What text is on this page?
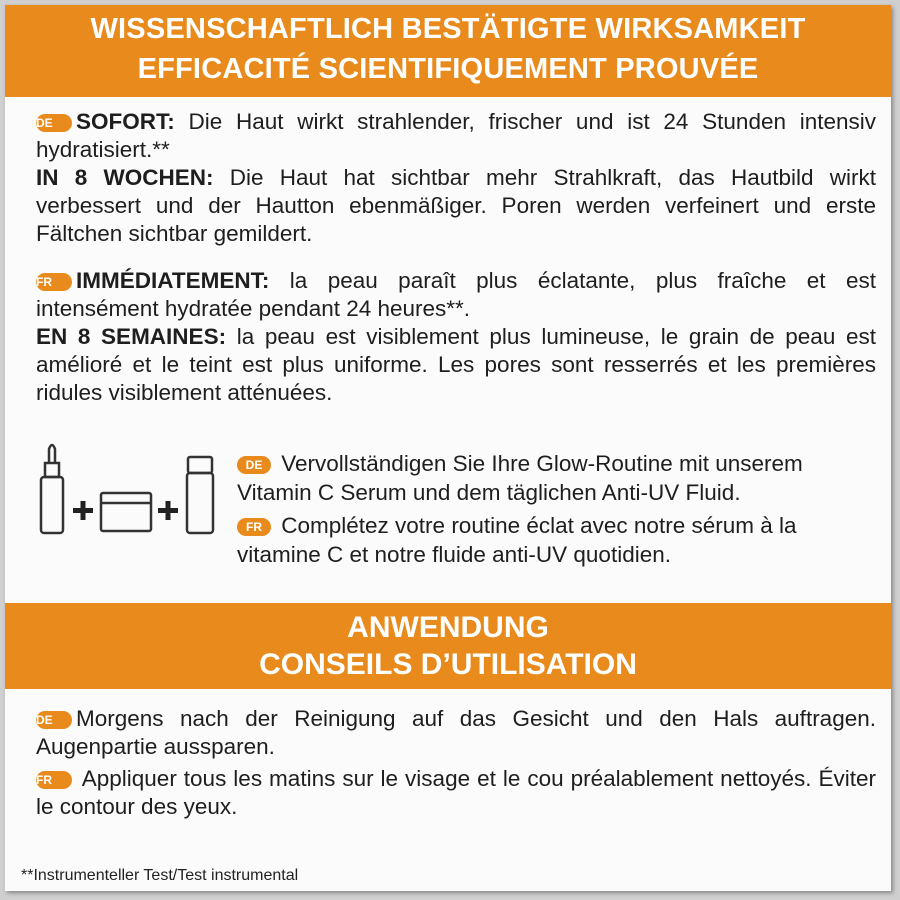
WISSENSCHAFTLICH BESTÄTIGTE WIRKSAMKEIT
EFFICACITÉ SCIENTIFIQUEMENT PROUVÉE
DE SOFORT: Die Haut wirkt strahlender, frischer und ist 24 Stunden intensiv hydratisiert.**
IN 8 WOCHEN: Die Haut hat sichtbar mehr Strahlkraft, das Hautbild wirkt verbessert und der Hautton ebenmäßiger. Poren werden verfeinert und erste Fältchen sichtbar gemildert.
FR IMMÉDIATEMENT: la peau paraît plus éclatante, plus fraîche et est intensément hydratée pendant 24 heures**.
EN 8 SEMAINES: la peau est visiblement plus lumineuse, le grain de peau est amélioré et le teint est plus uniforme. Les pores sont resserrés et les premières ridules visiblement atténuées.
DE Vervollständigen Sie Ihre Glow-Routine mit unserem Vitamin C Serum und dem täglichen Anti-UV Fluid.
FR Complétez votre routine éclat avec notre sérum à la vitamine C et notre fluide anti-UV quotidien.
ANWENDUNG
CONSEILS D’UTILISATION
DE Morgens nach der Reinigung auf das Gesicht und den Hals auftragen. Augenpartie aussparen.
FR Appliquer tous les matins sur le visage et le cou préalablement nettoyés. Éviter le contour des yeux.
**Instrumenteller Test/Test instrumental
